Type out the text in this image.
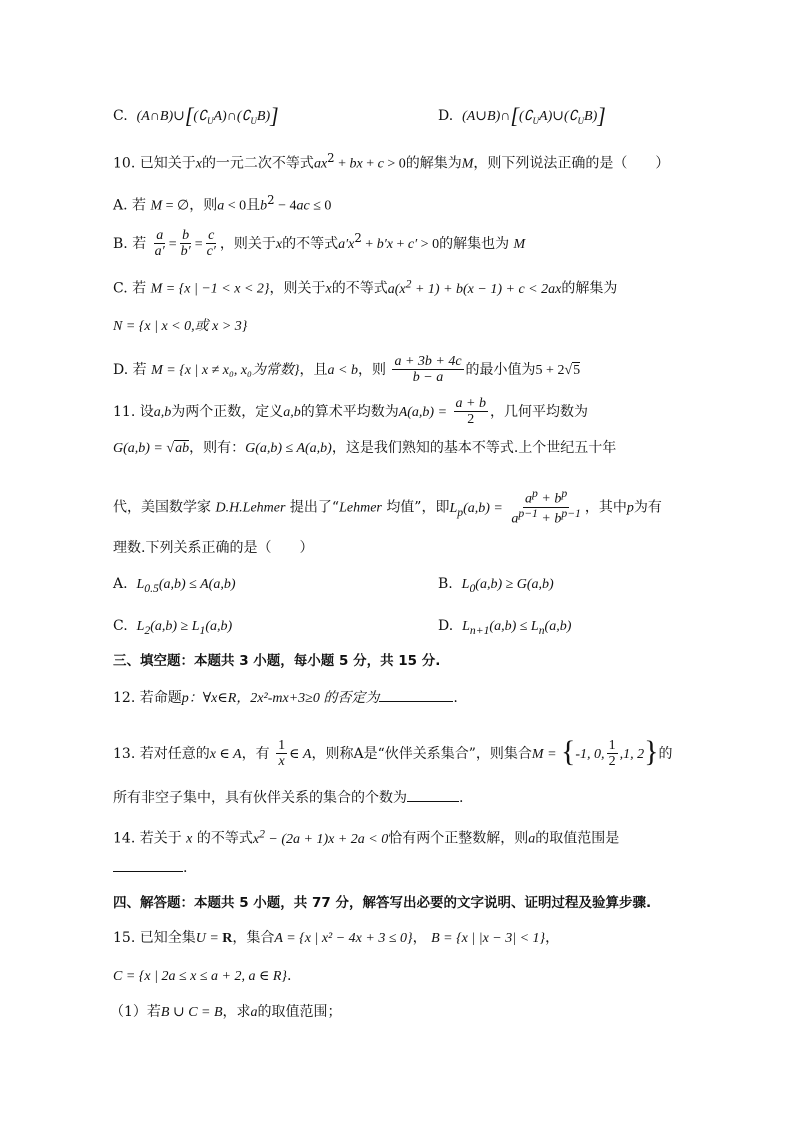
C. $(A\cap B)\cup[(∁_UA)\cap(∁_UB)]$	D. $(A\cup B)\cap[(∁_UA)\cup(∁_UB)]$
10. 已知关于x的一元二次不等式$ax^2$ + bx + c > 0的解集为M，则下列说法正确的是（　　）
A. 若 M = ∅，则a < 0且$b^2 - 4ac \le 0$
B. 若 $\frac{a}{a'} = \frac{b}{b'} = \frac{c}{c'}$ ，则关于x的不等式$a'x^2 + b'x + c' > 0$的解集也为 M
C. 若 M = {x | −1 < x < 2}，则关于x的不等式$a(x^2 + 1) + b(x - 1) + c < 2ax$的解集为
N = {x | x < 0,或 x > 3}
D. 若 M = {x | x ≠ x₀, x₀为常数}，且a < b，则 $\frac{a + 3b + 4c}{b - a}$ 的最小值为5 + 2√5
11. 设a,b为两个正数，定义a,b的算术平均数为$A(a,b) = \frac{a + b}{2}$ ，几何平均数为
G(a,b) = √ab，则有：G(a,b) ≤ A(a,b)，这是我们熟知的基本不等式.上个世纪五十年
代，美国数学家 D.H.Lehmer 提出了“Lehmer 均值”，即$L_p(a,b) = \frac{a^p + b^p}{a^{p-1} + b^{p-1}}$ ，其中p为有
理数.下列关系正确的是（　　）
A. $L_{0.5}(a,b) \le A(a,b)$	B. $L_0(a,b) \ge G(a,b)$
C. $L_2(a,b) \ge L_1(a,b)$	D. $L_{n+1}(a,b) \le L_n(a,b)$
三、填空题：本题共 3 小题，每小题 5 分，共 15 分.
12. 若命题p：∀x∈R，2x²-mx+3≥0 的否定为	.
13. 若对任意的x ∈ A，有 $\frac{1}{x}$ ∈ A，则称A是“伙伴关系集合”，则集合M = {-1, 0, $\frac{1}{2} ,1$, 2}的
所有非空子集中，具有伙伴关系的集合的个数为	.
14. 若关于 x 的不等式$x^2 - (2a + 1)x + 2a < 0$恰有两个正整数解，则a的取值范围是
.
四、解答题：本题共 5 小题，共 77 分，解答写出必要的文字说明、证明过程及验算步骤.
15. 已知全集U = R，集合A = {x | x² − 4x + 3 ≤ 0}， B = {x | |x − 3| < 1}，
C = {x | 2a ≤ x ≤ a + 2, a ∈ R}.
（1）若B ∪ C = B，求a的取值范围；
